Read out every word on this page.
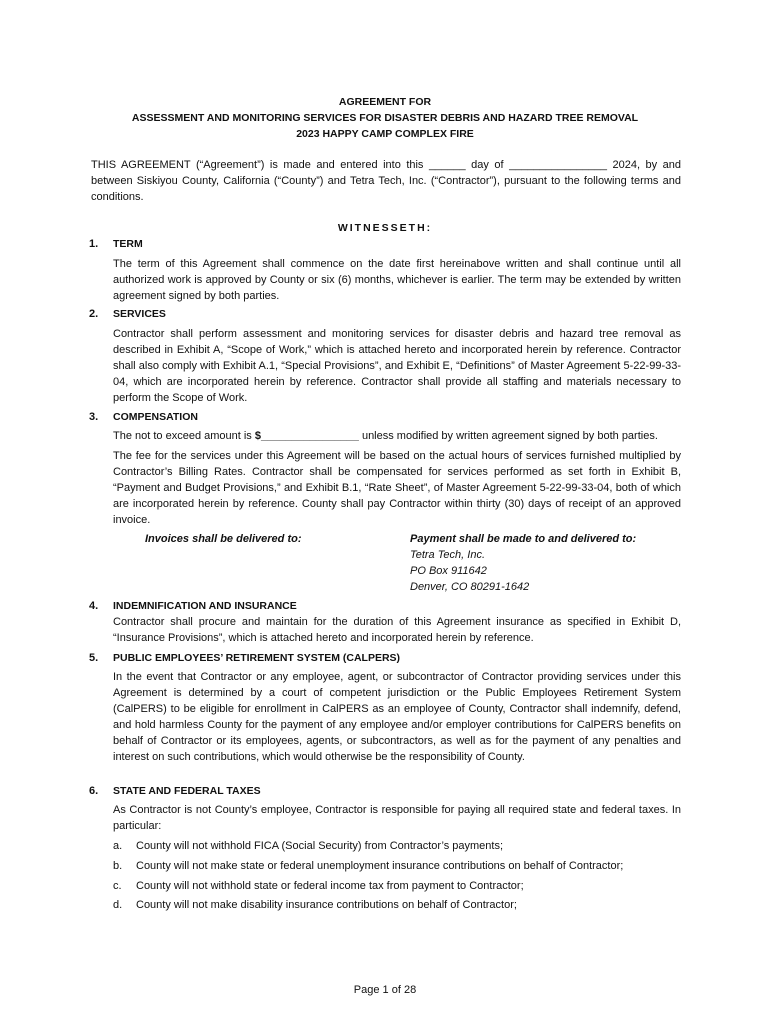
AGREEMENT FOR
ASSESSMENT AND MONITORING SERVICES FOR DISASTER DEBRIS AND HAZARD TREE REMOVAL
2023 HAPPY CAMP COMPLEX FIRE
THIS AGREEMENT (“Agreement”) is made and entered into this ______ day of ________________ 2024, by and between Siskiyou County, California (“County”) and Tetra Tech, Inc. (“Contractor”), pursuant to the following terms and conditions.
WITNESSETH:
1. TERM
The term of this Agreement shall commence on the date first hereinabove written and shall continue until all authorized work is approved by County or six (6) months, whichever is earlier. The term may be extended by written agreement signed by both parties.
2. SERVICES
Contractor shall perform assessment and monitoring services for disaster debris and hazard tree removal as described in Exhibit A, “Scope of Work,” which is attached hereto and incorporated herein by reference. Contractor shall also comply with Exhibit A.1, “Special Provisions”, and Exhibit E, “Definitions” of Master Agreement 5-22-99-33-04, which are incorporated herein by reference. Contractor shall provide all staffing and materials necessary to perform the Scope of Work.
3. COMPENSATION
The not to exceed amount is $________________ unless modified by written agreement signed by both parties.
The fee for the services under this Agreement will be based on the actual hours of services furnished multiplied by Contractor’s Billing Rates. Contractor shall be compensated for services performed as set forth in Exhibit B, “Payment and Budget Provisions,” and Exhibit B.1, “Rate Sheet”, of Master Agreement 5-22-99-33-04, both of which are incorporated herein by reference. County shall pay Contractor within thirty (30) days of receipt of an approved invoice.
Invoices shall be delivered to:	Payment shall be made to and delivered to:
Tetra Tech, Inc.
PO Box 911642
Denver, CO 80291-1642
4. INDEMNIFICATION AND INSURANCE
Contractor shall procure and maintain for the duration of this Agreement insurance as specified in Exhibit D, “Insurance Provisions”, which is attached hereto and incorporated herein by reference.
5. PUBLIC EMPLOYEES’ RETIREMENT SYSTEM (CALPERS)
In the event that Contractor or any employee, agent, or subcontractor of Contractor providing services under this Agreement is determined by a court of competent jurisdiction or the Public Employees Retirement System (CalPERS) to be eligible for enrollment in CalPERS as an employee of County, Contractor shall indemnify, defend, and hold harmless County for the payment of any employee and/or employer contributions for CalPERS benefits on behalf of Contractor or its employees, agents, or subcontractors, as well as for the payment of any penalties and interest on such contributions, which would otherwise be the responsibility of County.
6. STATE AND FEDERAL TAXES
As Contractor is not County’s employee, Contractor is responsible for paying all required state and federal taxes. In particular:
a. County will not withhold FICA (Social Security) from Contractor’s payments;
b. County will not make state or federal unemployment insurance contributions on behalf of Contractor;
c. County will not withhold state or federal income tax from payment to Contractor;
d. County will not make disability insurance contributions on behalf of Contractor;
Page 1 of 28
